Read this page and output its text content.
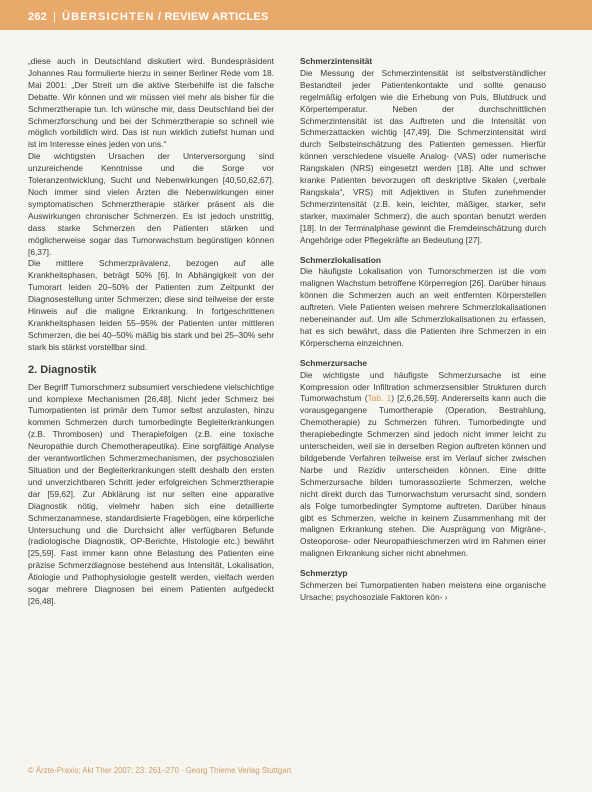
262 | ÜBERSICHTEN / REVIEW ARTICLES

„diese auch in Deutschland diskutiert wird. Bundespräsident Johannes Rau formulierte hierzu in seiner Berliner Rede vom 18. Mai 2001: „Der Streit um die aktive Sterbehilfe ist die falsche Debatte. Wir können und wir müssen viel mehr als bisher für die Schmerztherapie tun. Ich wünsche mir, dass Deutschland bei der Schmerzforschung und bei der Schmerztherapie so schnell wie möglich vorbildlich wird. Das ist nun wirklich zutiefst human und ist im Interesse eines jeden von uns.“

Die wichtigsten Ursachen der Unterversorgung sind unzureichende Kenntnisse und die Sorge vor Toleranzentwicklung, Sucht und Nebenwirkungen [40,50,62,67]. Noch immer sind vielen Ärzten die Nebenwirkungen einer symptomatischen Schmerztherapie stärker präsent als die Auswirkungen chronischer Schmerzen. Es ist jedoch unstrittig, dass starke Schmerzen den Patienten stärken und möglicherweise sogar das Tumorwachstum begünstigen können [6,37].

Die mittlere Schmerzprävalenz, bezogen auf alle Krankheitsphasen, beträgt 50% [6]. In Abhängigkeit von der Tumorart leiden 20–50% der Patienten zum Zeitpunkt der Diagnosestellung unter Schmerzen; diese sind teilweise der erste Hinweis auf die maligne Erkrankung. In fortgeschrittenen Krankheitsphasen leiden 55–95% der Patienten unter mittleren Schmerzen, die bei 40–50% mäßig bis stark und bei 25–30% sehr stark bis stärkst vorstellbar sind.

2. Diagnostik

Der Begriff Tumorschmerz subsumiert verschiedene vielschichtige und komplexe Mechanismen [26,48]. Nicht jeder Schmerz bei Tumorpatienten ist primär dem Tumor selbst anzulasten, hinzu kommen Schmerzen durch tumorbedingte Begleiterkrankungen (z.B. Thrombosen) und Therapiefolgen (z.B. eine toxische Neuropathie durch Chemotherapeutika). Eine sorgfältige Analyse der verantwortlichen Schmerzmechanismen, der psychosozialen Situation und der Begleiterkrankungen stellt deshalb den ersten und unverzichtbaren Schritt jeder erfolgreichen Schmerztherapie dar [59,62]. Zur Abklärung ist nur selten eine apparative Diagnostik nötig, vielmehr haben sich eine detaillierte Schmerzanamnese, standardisierte Fragebögen, eine körperliche Untersuchung und die Durchsicht aller verfügbaren Befunde (radiologische Diagnostik, OP-Berichte, Histologie etc.) bewährt [25,59]. Fast immer kann ohne Belastung des Patienten eine präzise Schmerzdiagnose bestehend aus Intensität, Lokalisation, Ätiologie und Pathophysiologie gestellt werden, vielfach werden sogar mehrere Diagnosen bei einem Patienten aufgedeckt [26,48].

Schmerzintensität

Die Messung der Schmerzintensität ist selbstverständlicher Bestandteil jeder Patientenkontakte und sollte genauso regelmäßig erfolgen wie die Erhebung von Puls, Blutdruck und Körpertemperatur. Neben der durchschnittlichen Schmerzintensität ist das Auftreten und die Intensität von Schmerzattacken wichtig [47,49]. Die Schmerzintensität wird durch Selbsteinschätzung des Patienten gemessen. Hierfür können verschiedene visuelle Analog- (VAS) oder numerische Rangskalen (NRS) eingesetzt werden [18]. Alte und schwer kranke Patienten bevorzugen oft deskriptive Skalen („verbale Rangskala“, VRS) mit Adjektiven in Stufen zunehmender Schmerzintensität (z.B. kein, leichter, mäßiger, starker, sehr starker, maximaler Schmerz), die auch spontan benutzt werden [18]. In der Terminalphase gewinnt die Fremdeinschätzung durch Angehörige oder Pflegekräfte an Bedeutung [27].

Schmerzlokalisation

Die häufigste Lokalisation von Tumorschmerzen ist die vom malignen Wachstum betroffene Körperregion [26]. Darüber hinaus können die Schmerzen auch an weit entfernten Körperstellen auftreten. Viele Patienten weisen mehrere Schmerzlokalisationen nebeneinander auf. Um alle Schmerzlokalisationen zu erfassen, hat es sich bewährt, dass die Patienten ihre Schmerzen in ein Körperschema einzeichnen.

Schmerzursache

Die wichtigste und häufigste Schmerzursache ist eine Kompression oder Infiltration schmerzsensibler Strukturen durch Tumorwachstum (Tab. 1) [2,6,26,59]. Andererseits kann auch die vorausgegangene Tumortherapie (Operation, Bestrahlung, Chemotherapie) zu Schmerzen führen. Tumorbedingte und therapiebedingte Schmerzen sind jedoch nicht immer leicht zu unterscheiden, weil sie in derselben Region auftreten können und bildgebende Verfahren teilweise erst im Verlauf sicher zwischen Narbe und Rezidiv unterscheiden können. Eine dritte Schmerzursache bilden tumorassoziierte Schmerzen, welche nicht direkt durch das Tumorwachstum verursacht sind, sondern als Folge tumorbedingter Symptome auftreten. Darüber hinaus gibt es Schmerzen, welche in keinem Zusammenhang mit der malignen Erkrankung stehen. Die Ausprägung von Migräne-, Osteoporose- oder Neuropathieschmerzen wird im Rahmen einer malignen Erkrankung sicher nicht abnehmen.

Schmerztyp

Schmerzen bei Tumorpatienten haben meistens eine organische Ursache; psychosoziale Faktoren kön- ›

© Ärzte-Praxis; Akt Ther 2007; 23: 261–270 · Georg Thieme Verlag Stuttgart
